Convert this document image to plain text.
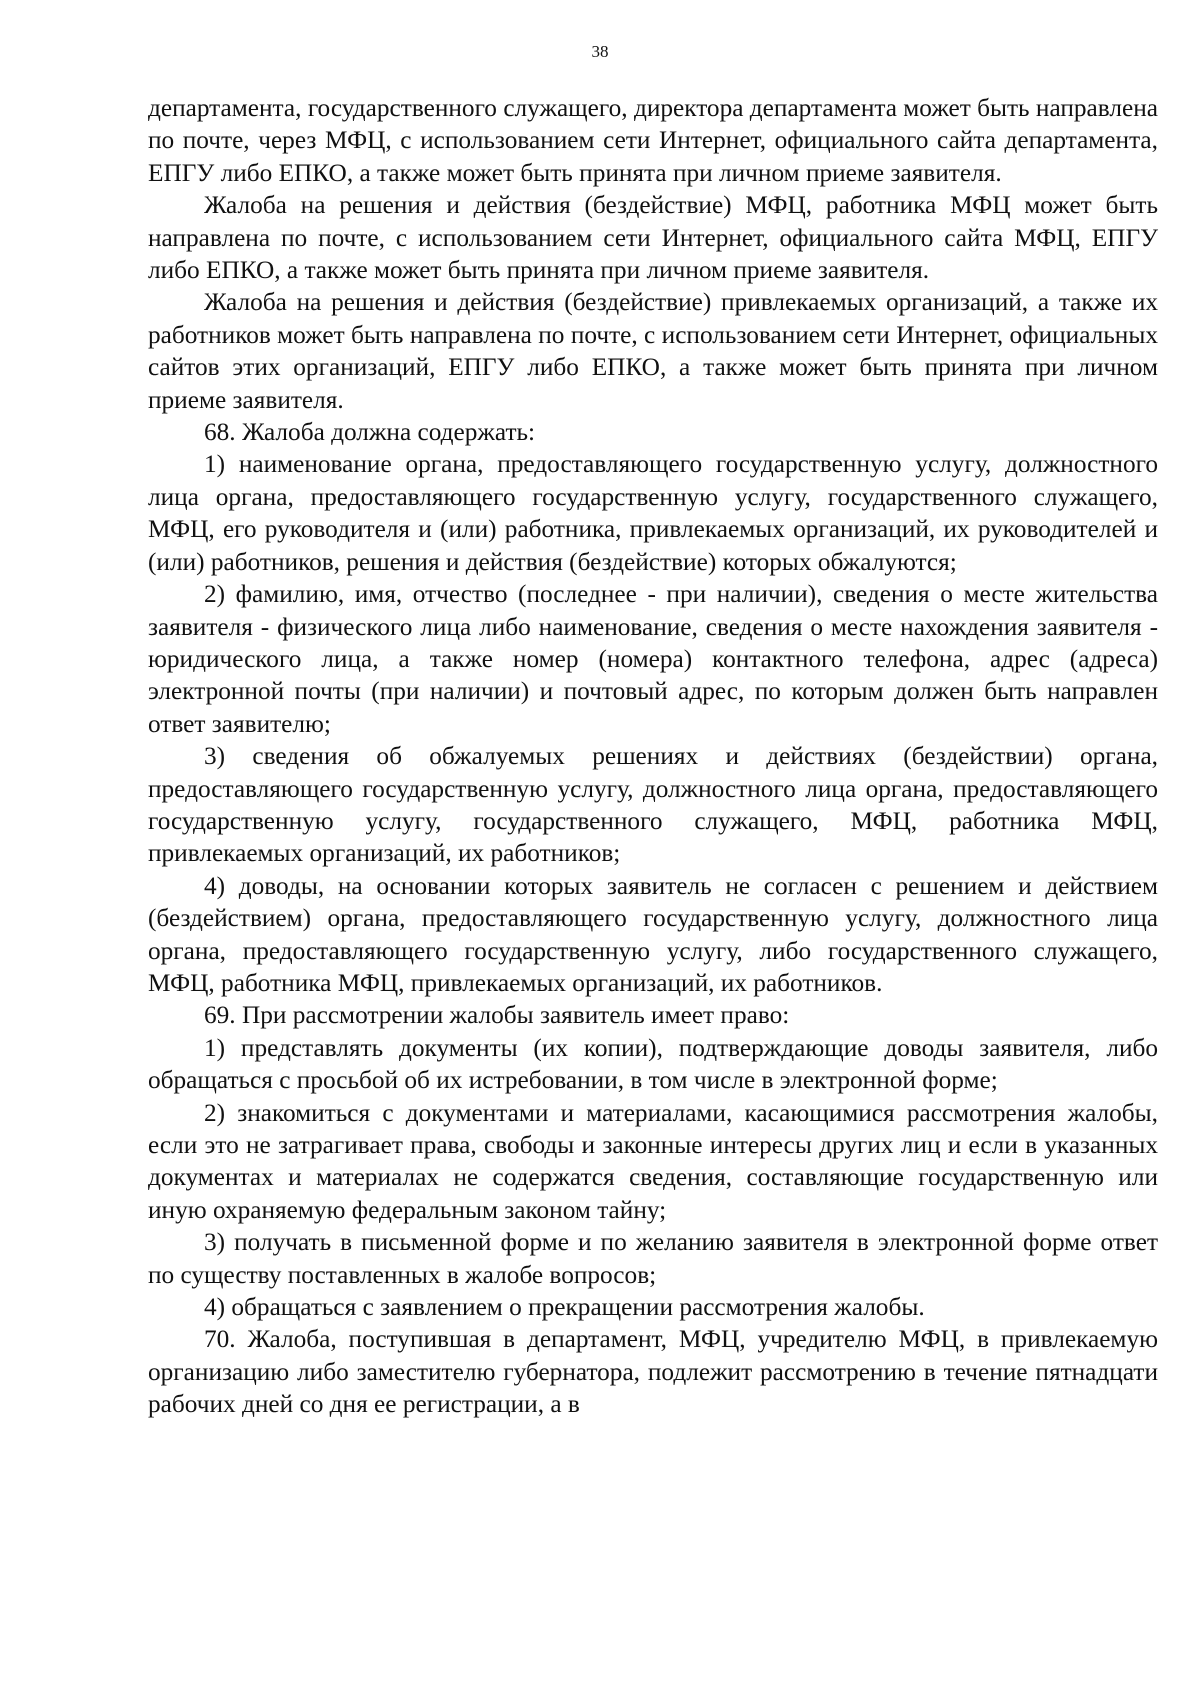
38

департамента, государственного служащего, директора департамента может быть направлена по почте, через МФЦ, с использованием сети Интернет, официального сайта департамента, ЕПГУ либо ЕПКО, а также может быть принята при личном приеме заявителя.

Жалоба на решения и действия (бездействие) МФЦ, работника МФЦ может быть направлена по почте, с использованием сети Интернет, официального сайта МФЦ, ЕПГУ либо ЕПКО, а также может быть принята при личном приеме заявителя.

Жалоба на решения и действия (бездействие) привлекаемых организаций, а также их работников может быть направлена по почте, с использованием сети Интернет, официальных сайтов этих организаций, ЕПГУ либо ЕПКО, а также может быть принята при личном приеме заявителя.

68. Жалоба должна содержать:

1) наименование органа, предоставляющего государственную услугу, должностного лица органа, предоставляющего государственную услугу, государственного служащего, МФЦ, его руководителя и (или) работника, привлекаемых организаций, их руководителей и (или) работников, решения и действия (бездействие) которых обжалуются;

2) фамилию, имя, отчество (последнее - при наличии), сведения о месте жительства заявителя - физического лица либо наименование, сведения о месте нахождения заявителя - юридического лица, а также номер (номера) контактного телефона, адрес (адреса) электронной почты (при наличии) и почтовый адрес, по которым должен быть направлен ответ заявителю;

3) сведения об обжалуемых решениях и действиях (бездействии) органа, предоставляющего государственную услугу, должностного лица органа, предоставляющего государственную услугу, государственного служащего, МФЦ, работника МФЦ, привлекаемых организаций, их работников;

4) доводы, на основании которых заявитель не согласен с решением и действием (бездействием) органа, предоставляющего государственную услугу, должностного лица органа, предоставляющего государственную услугу, либо государственного служащего, МФЦ, работника МФЦ, привлекаемых организаций, их работников.

69. При рассмотрении жалобы заявитель имеет право:

1) представлять документы (их копии), подтверждающие доводы заявителя, либо обращаться с просьбой об их истребовании, в том числе в электронной форме;

2) знакомиться с документами и материалами, касающимися рассмотрения жалобы, если это не затрагивает права, свободы и законные интересы других лиц и если в указанных документах и материалах не содержатся сведения, составляющие государственную или иную охраняемую федеральным законом тайну;

3) получать в письменной форме и по желанию заявителя в электронной форме ответ по существу поставленных в жалобе вопросов;

4) обращаться с заявлением о прекращении рассмотрения жалобы.

70. Жалоба, поступившая в департамент, МФЦ, учредителю МФЦ, в привлекаемую организацию либо заместителю губернатора, подлежит рассмотрению в течение пятнадцати рабочих дней со дня ее регистрации, а в
